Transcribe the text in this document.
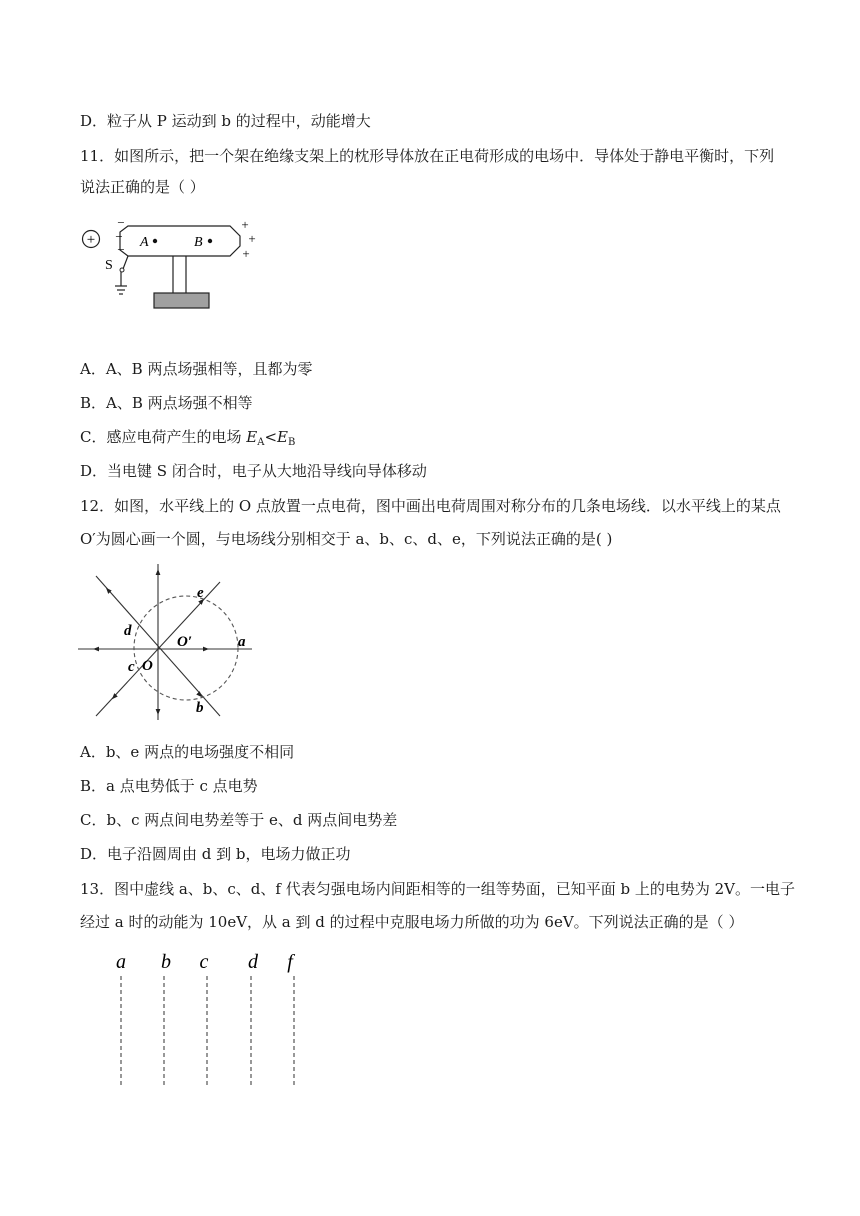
D．粒子从 P 运动到 b 的过程中，动能增大
11．如图所示，把一个架在绝缘支架上的枕形导体放在正电荷形成的电场中．导体处于静电平衡时，下列
说法正确的是（ ）
+
−
−
−
+
+
+
A	B
S
A．A、B 两点场强相等，且都为零
B．A、B 两点场强不相等
C．感应电荷产生的电场 $E_A<E_B$
D．当电键 S 闭合时，电子从大地沿导线向导体移动
12．如图，水平线上的 O 点放置一点电荷，图中画出电荷周围对称分布的几条电场线．以水平线上的某点
O′为圆心画一个圆，与电场线分别相交于 a、b、c、d、e，下列说法正确的是( )
O
O′	a
b
c
d
e
A．b、e 两点的电场强度不相同
B．a 点电势低于 c 点电势
C．b、c 两点间电势差等于 e、d 两点间电势差
D．电子沿圆周由 d 到 b，电场力做正功
13．图中虚线 a、b、c、d、f 代表匀强电场内间距相等的一组等势面，已知平面 b 上的电势为 2V。一电子
经过 a 时的动能为 10eV，从 a 到 d 的过程中克服电场力所做的功为 6eV。下列说法正确的是（ ）
a b c d f
